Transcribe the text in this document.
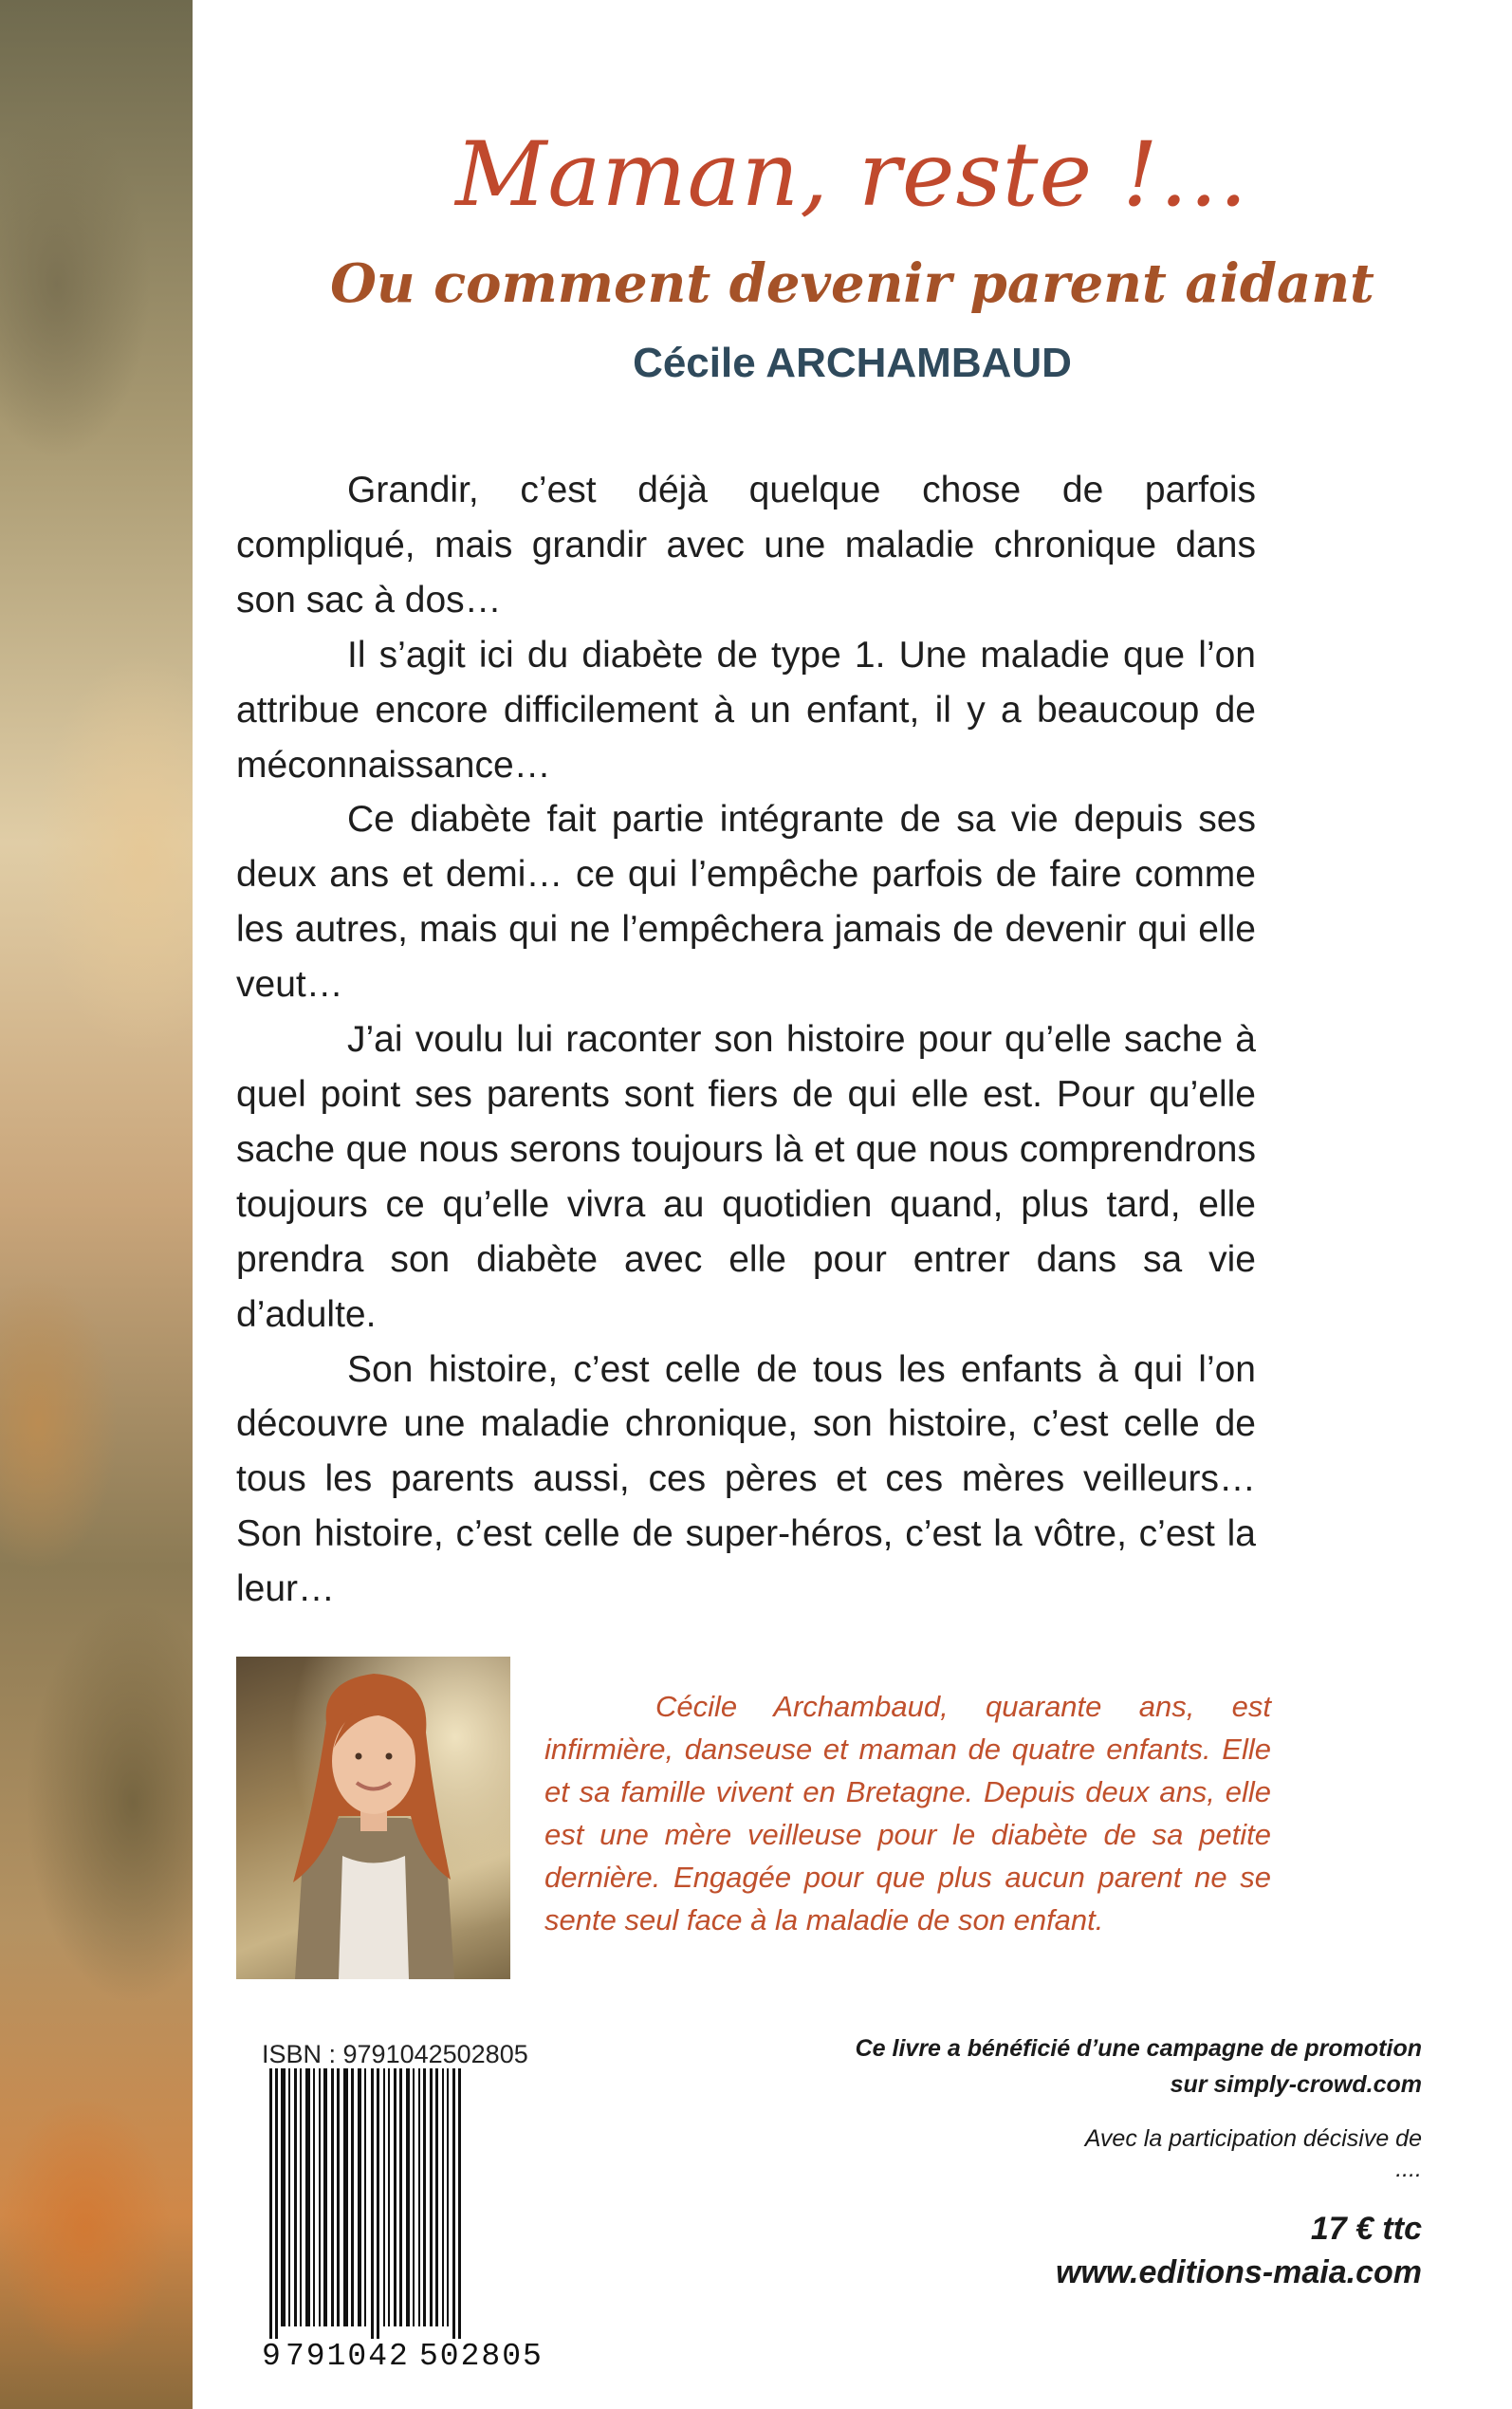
Maman, reste !…
Ou comment devenir parent aidant
Cécile ARCHAMBAUD

Grandir, c’est déjà quelque chose de parfois compliqué, mais grandir avec une maladie chronique dans son sac à dos…

Il s’agit ici du diabète de type 1. Une maladie que l’on attribue encore difficilement à un enfant, il y a beaucoup de méconnaissance…

Ce diabète fait partie intégrante de sa vie depuis ses deux ans et demi… ce qui l’empêche parfois de faire comme les autres, mais qui ne l’empêchera jamais de devenir qui elle veut…

J’ai voulu lui raconter son histoire pour qu’elle sache à quel point ses parents sont fiers de qui elle est. Pour qu’elle sache que nous serons toujours là et que nous comprendrons toujours ce qu’elle vivra au quotidien quand, plus tard, elle prendra son diabète avec elle pour entrer dans sa vie d’adulte.

Son histoire, c’est celle de tous les enfants à qui l’on découvre une maladie chronique, son histoire, c’est celle de tous les parents aussi, ces pères et ces mères veilleurs… Son histoire, c’est celle de super-héros, c’est la vôtre, c’est la leur…

Cécile Archambaud, quarante ans, est infirmière, danseuse et maman de quatre enfants. Elle et sa famille vivent en Bretagne. Depuis deux ans, elle est une mère veilleuse pour le diabète de sa petite dernière. Engagée pour que plus aucun parent ne se sente seul face à la maladie de son enfant.

ISBN : 9791042502805
9 791042 502805
Ce livre a bénéficié d’une campagne de promotion
sur simply-crowd.com
Avec la participation décisive de
....
17 € ttc
www.editions-maia.com
